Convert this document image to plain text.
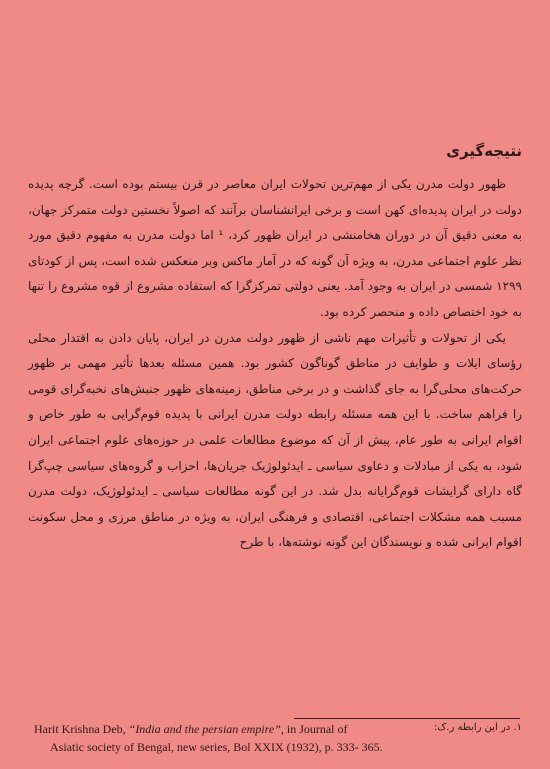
نتیجه‌گیری

ظهور دولت مدرن یکی از مهم‌ترین تحولات ایران معاصر در قرن بیستم بوده است. گرچه پدیده دولت در ایران پدیده‌ای کهن است و برخی ایرانشناسان برآنند که اصولاً نخستین دولت متمرکز جهان، به معنی دقیق آن در دوران هخامنشی در ایران ظهور کرد، ¹ اما دولت مدرن به مفهوم دقیق مورد نظر علوم اجتماعی مدرن، به ویژه آن گونه که در آمار ماکس وبر منعکس شده است، پس از کودتای ۱۲۹۹ شمسی در ایران به وجود آمد. یعنی دولتی تمرکزگرا که استفاده مشروع از قوه مشروع را تنها به خود اختصاص داده و منحصر کرده بود.

یکی از تحولات و تأثیرات مهم ناشی از ظهور دولت مدرن در ایران، پایان دادن به اقتدار محلی رؤسای ایلات و طوایف در مناطق گوناگون کشور بود. همین مسئله بعدها تأثیر مهمی بر ظهور حرکت‌های محلی‌گرا به جای گذاشت و در برخی مناطق، زمینه‌های ظهور جنبش‌های نخبه‌گرای قومی را فراهم ساخت. با این همه مسئله رابطه دولت مدرن ایرانی با پدیده قوم‌گرایی به طور خاص و اقوام ایرانی به طور عام، پیش از آن که موضوع مطالعات علمی در حوزه‌های علوم اجتماعی ایران شود، به یکی از مبادلات و دعاوی سیاسی ـ ایدئولوژیک جریان‌ها، احزاب و گروه‌های سیاسی چپ‌گرا گاه دارای گرایشات قوم‌گرایانه بدل شد. در این گونه مطالعات سیاسی ـ ایدئولوژیک، دولت مدرن مسبب همه مشکلات اجتماعی، اقتصادی و فرهنگی ایران، به ویژه در مناطق مرزی و محل سکونت اقوام ایرانی شده و نویسندگان این گونه نوشته‌ها، با طرح

۱. در این رابطه ر.ک:
Harit Krishna Deb, “India and the persian empire”, in Journal of
Asiatic society of Bengal, new series, Bol XXIX (1932), p. 333- 365.
